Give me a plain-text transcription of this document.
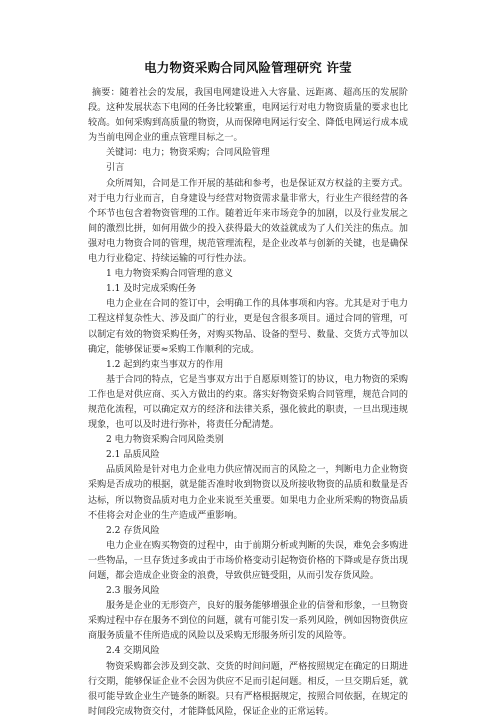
电力物资采购合同风险管理研究 许莹

摘要：随着社会的发展，我国电网建设进入大容量、远距离、超高压的发展阶段。这种发展状态下电网的任务比较繁重，电网运行对电力物资质量的要求也比较高。如何采购到高质量的物资，从而保障电网运行安全、降低电网运行成本成为当前电网企业的重点管理目标之一。

关键词：电力；物资采购；合同风险管理

引言

众所周知，合同是工作开展的基础和参考，也是保证双方权益的主要方式。对于电力行业而言，自身建设与经营对物资需求量非常大，行业生产很经营的各个环节也包含着物资管理的工作。随着近年来市场竞争的加剧，以及行业发展之间的激烈比拼，如何用做少的投入获得最大的效益就成为了人们关注的焦点。加强对电力物资合同的管理，规范管理流程，是企业改革与创新的关键，也是确保电力行业稳定、持续运输的可行性办法。

1 电力物资采购合同管理的意义

1.1 及时完成采购任务

电力企业在合同的签订中，会明确工作的具体事项和内容。尤其是对于电力工程这样复杂性大、涉及面广的行业，更是包含很多项目。通过合同的管理，可以制定有效的物资采购任务，对购买物品、设备的型号、数量、交货方式等加以确定，能够保证要≈采购工作顺利的完成。

1.2 起到约束当事双方的作用

基于合同的特点，它是当事双方出于自愿原则签订的协议，电力物资的采购工作也是对供应商、买入方做出的约束。落实好物资采购合同管理，规范合同的规范化流程，可以确定双方的经济和法律关系，强化彼此的职责，一旦出现违规现象，也可以及时进行弥补，将责任分配清楚。

2 电力物资采购合同风险类别

2.1 品质风险

品质风险是针对电力企业电力供应情况而言的风险之一，判断电力企业物资采购是否成功的根据，就是能否准时收到物资以及所接收物资的品质和数量是否达标，所以物资品质对电力企业来说至关重要。如果电力企业所采购的物资品质不佳将会对企业的生产造成严重影响。

2.2 存货风险

电力企业在购买物资的过程中，由于前期分析或判断的失误，难免会多购进一些物品，一旦存货过多或由于市场价格变动引起物资价格的下降或是存货出现问题，都会造成企业资金的浪费，导致供应链受阻，从而引发存货风险。

2.3 服务风险

服务是企业的无形资产，良好的服务能够增强企业的信誉和形象，一旦物资采购过程中存在服务不到位的问题，就有可能引发一系列风险，例如因物资供应商服务质量不佳所造成的风险以及采购无形服务所引发的风险等。

2.4 交期风险

物资采购都会涉及到交款、交货的时间问题，严格按照规定在确定的日期进行交期，能够保证企业不会因为供应不足而引起问题。相反，一旦交期后延，就很可能导致企业生产链条的断裂。只有严格根据规定，按照合同依据，在规定的时间段完成物资交付，才能降低风险，保证企业的正常运转。
